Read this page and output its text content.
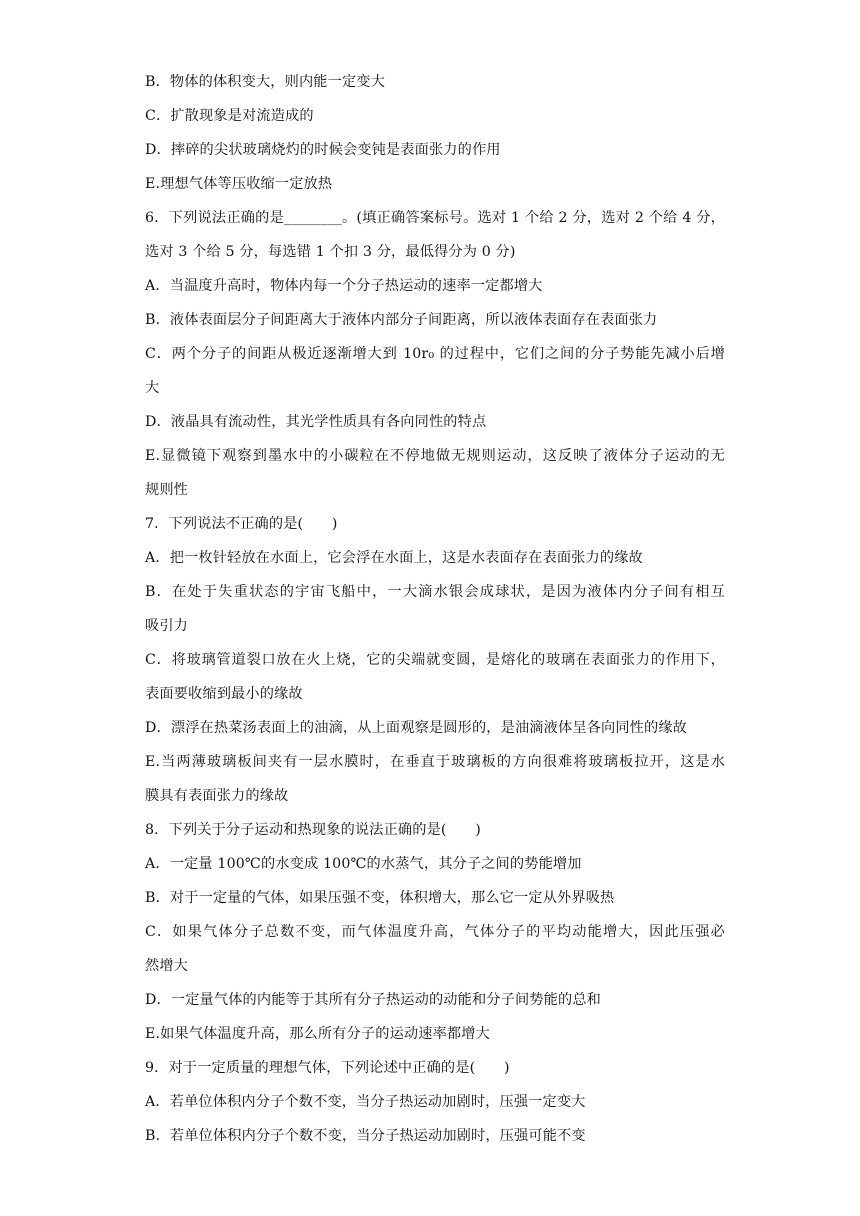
B．物体的体积变大，则内能一定变大
C．扩散现象是对流造成的
D．摔碎的尖状玻璃烧灼的时候会变钝是表面张力的作用
E.理想气体等压收缩一定放热
6．下列说法正确的是________。(填正确答案标号。选对 1 个给 2 分，选对 2 个给 4 分，
选对 3 个给 5 分，每选错 1 个扣 3 分，最低得分为 0 分)
A．当温度升高时，物体内每一个分子热运动的速率一定都增大
B．液体表面层分子间距离大于液体内部分子间距离，所以液体表面存在表面张力
C．两个分子的间距从极近逐渐增大到 10r₀ 的过程中，它们之间的分子势能先减小后增
大
D．液晶具有流动性，其光学性质具有各向同性的特点
E.显微镜下观察到墨水中的小碳粒在不停地做无规则运动，这反映了液体分子运动的无
规则性
7．下列说法不正确的是(　　)
A．把一枚针轻放在水面上，它会浮在水面上，这是水表面存在表面张力的缘故
B．在处于失重状态的宇宙飞船中，一大滴水银会成球状，是因为液体内分子间有相互
吸引力
C．将玻璃管道裂口放在火上烧，它的尖端就变圆，是熔化的玻璃在表面张力的作用下，
表面要收缩到最小的缘故
D．漂浮在热菜汤表面上的油滴，从上面观察是圆形的，是油滴液体呈各向同性的缘故
E.当两薄玻璃板间夹有一层水膜时，在垂直于玻璃板的方向很难将玻璃板拉开，这是水
膜具有表面张力的缘故
8．下列关于分子运动和热现象的说法正确的是(　　)
A．一定量 100℃的水变成 100℃的水蒸气，其分子之间的势能增加
B．对于一定量的气体，如果压强不变，体积增大，那么它一定从外界吸热
C．如果气体分子总数不变，而气体温度升高，气体分子的平均动能增大，因此压强必
然增大
D．一定量气体的内能等于其所有分子热运动的动能和分子间势能的总和
E.如果气体温度升高，那么所有分子的运动速率都增大
9．对于一定质量的理想气体，下列论述中正确的是(　　)
A．若单位体积内分子个数不变，当分子热运动加剧时，压强一定变大
B．若单位体积内分子个数不变，当分子热运动加剧时，压强可能不变
